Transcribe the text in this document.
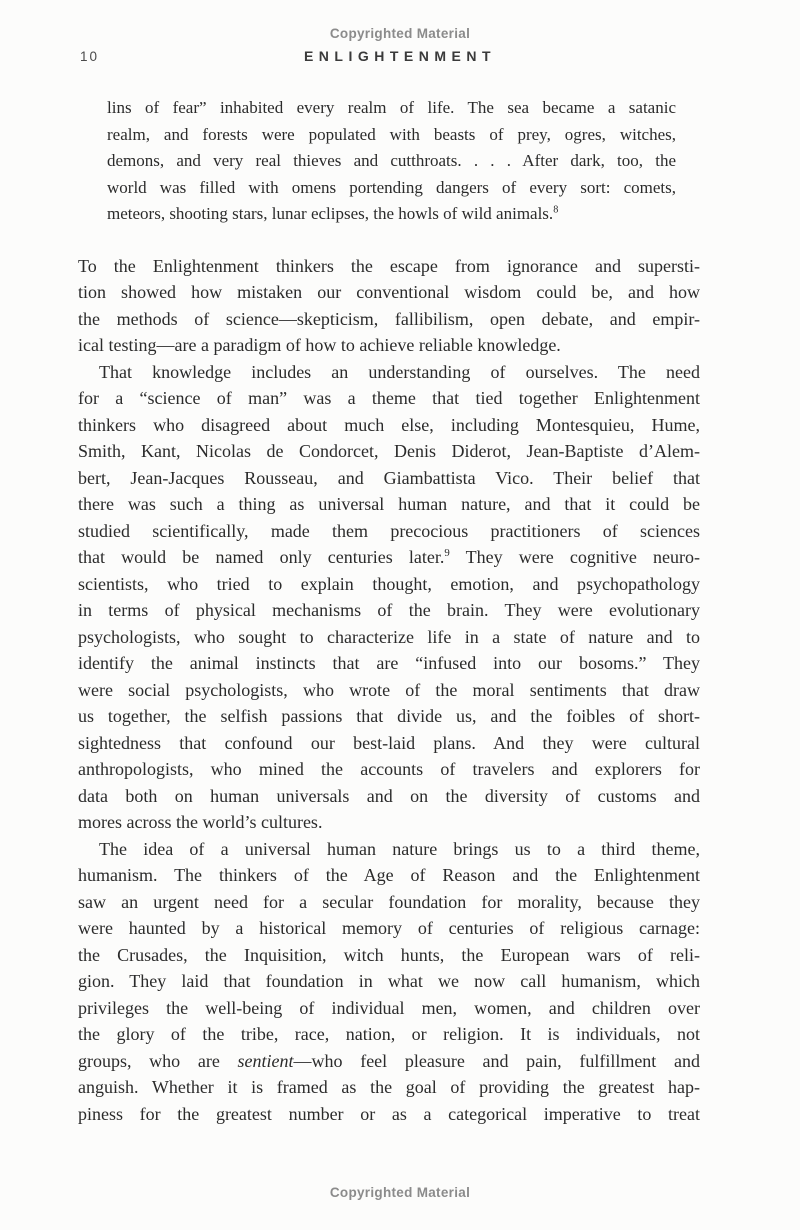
Copyrighted Material
10	ENLIGHTENMENT
lins of fear” inhabited every realm of life. The sea became a satanic
realm, and forests were populated with beasts of prey, ogres, witches,
demons, and very real thieves and cutthroats. . . . After dark, too, the
world was filled with omens portending dangers of every sort: comets,
meteors, shooting stars, lunar eclipses, the howls of wild animals.$^8$
To the Enlightenment thinkers the escape from ignorance and supersti-
tion showed how mistaken our conventional wisdom could be, and how
the methods of science—skepticism, fallibilism, open debate, and empir-
ical testing—are a paradigm of how to achieve reliable knowledge.
That knowledge includes an understanding of ourselves. The need
for a “science of man” was a theme that tied together Enlightenment
thinkers who disagreed about much else, including Montesquieu, Hume,
Smith, Kant, Nicolas de Condorcet, Denis Diderot, Jean-Baptiste d’Alem-
bert, Jean-Jacques Rousseau, and Giambattista Vico. Their belief that
there was such a thing as universal human nature, and that it could be
studied scientifically, made them precocious practitioners of sciences
that would be named only centuries later.$^9$ They were cognitive neuro-
scientists, who tried to explain thought, emotion, and psychopathology
in terms of physical mechanisms of the brain. They were evolutionary
psychologists, who sought to characterize life in a state of nature and to
identify the animal instincts that are “infused into our bosoms.” They
were social psychologists, who wrote of the moral sentiments that draw
us together, the selfish passions that divide us, and the foibles of short-
sightedness that confound our best-laid plans. And they were cultural
anthropologists, who mined the accounts of travelers and explorers for
data both on human universals and on the diversity of customs and
mores across the world’s cultures.
The idea of a universal human nature brings us to a third theme,
humanism. The thinkers of the Age of Reason and the Enlightenment
saw an urgent need for a secular foundation for morality, because they
were haunted by a historical memory of centuries of religious carnage:
the Crusades, the Inquisition, witch hunts, the European wars of reli-
gion. They laid that foundation in what we now call humanism, which
privileges the well-being of individual men, women, and children over
the glory of the tribe, race, nation, or religion. It is individuals, not
groups, who are sentient—who feel pleasure and pain, fulfillment and
anguish. Whether it is framed as the goal of providing the greatest hap-
piness for the greatest number or as a categorical imperative to treat
Copyrighted Material
